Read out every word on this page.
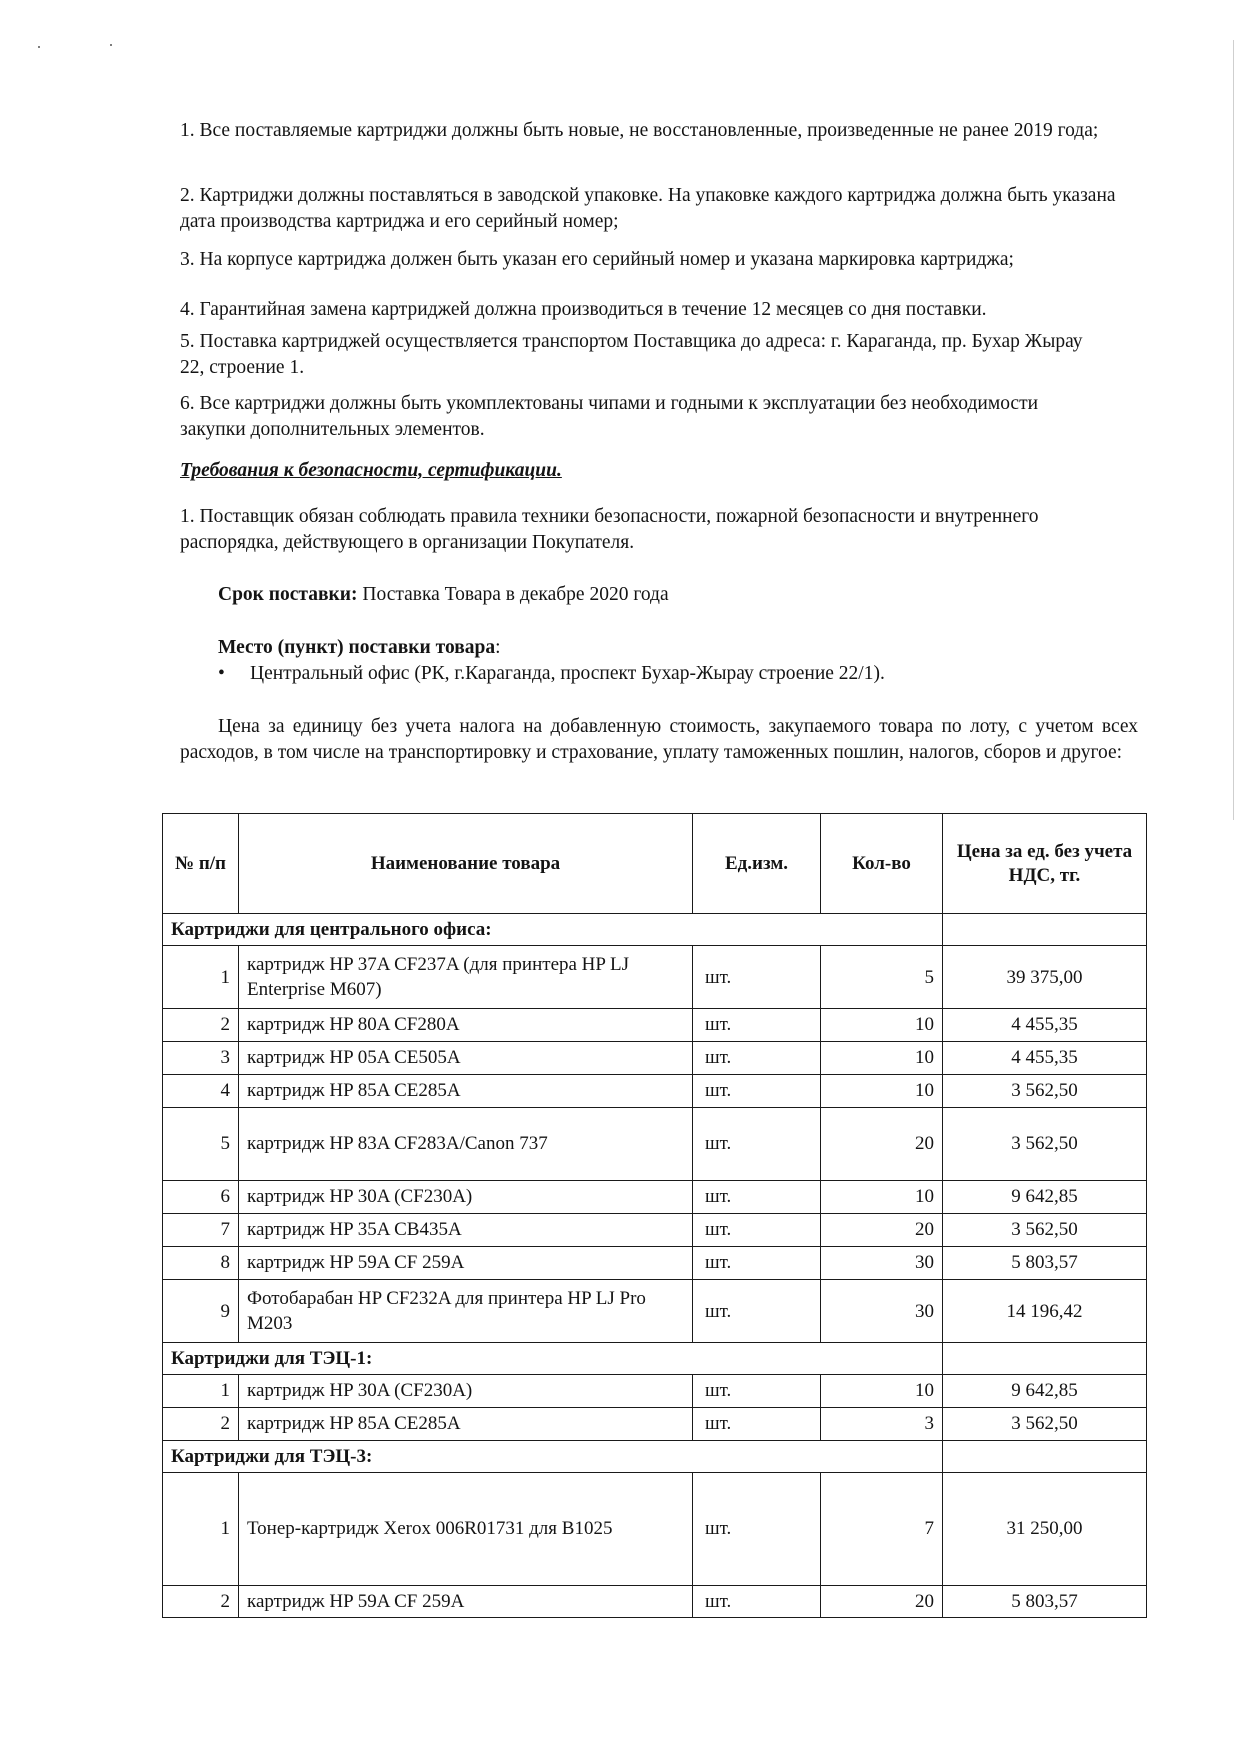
1. Все поставляемые картриджи должны быть новые, не восстановленные, произведенные не ранее 2019 года;

2. Картриджи должны поставляться в заводской упаковке. На упаковке каждого картриджа должна быть указана дата производства картриджа и его серийный номер;

3. На корпусе картриджа должен быть указан его серийный номер и указана маркировка картриджа;

4. Гарантийная замена картриджей должна производиться в течение 12 месяцев со дня поставки.

5. Поставка картриджей осуществляется транспортом Поставщика до адреса: г. Караганда, пр. Бухар Жырау 22, строение 1.

6. Все картриджи должны быть укомплектованы чипами и годными к эксплуатации без необходимости закупки дополнительных элементов.

Требования к безопасности, сертификации.

1. Поставщик обязан соблюдать правила техники безопасности, пожарной безопасности и внутреннего распорядка, действующего в организации Покупателя.

Срок поставки: Поставка Товара в декабре 2020 года
Место (пункт) поставки товара:
• Центральный офис (РК, г.Караганда, проспект Бухар-Жырау строение 22/1).

Цена за единицу без учета налога на добавленную стоимость, закупаемого товара по лоту, с учетом всех расходов, в том числе на транспортировку и страхование, уплату таможенных пошлин, налогов, сборов и другое:

№ п/п	Наименование товара	Ед.изм.	Кол-во	Цена за ед. без учета НДС, тг.
Картриджи для центрального офиса:				
1	картридж HP 37A CF237A (для принтера HP LJ Enterprise M607)	шт.	5	39 375,00
2	картридж HP 80A CF280A	шт.	10	4 455,35
3	картридж HP 05A CE505A	шт.	10	4 455,35
4	картридж HP 85A CE285A	шт.	10	3 562,50
5	картридж HP 83A CF283A/Canon 737	шт.	20	3 562,50
6	картридж HP 30A (CF230A)	шт.	10	9 642,85
7	картридж HP 35A CB435A	шт.	20	3 562,50
8	картридж HP 59A CF 259A	шт.	30	5 803,57
9	Фотобарабан HP CF232A для принтера HP LJ Pro M203	шт.	30	14 196,42
Картриджи для ТЭЦ-1:				
1	картридж HP 30A (CF230A)	шт.	10	9 642,85
2	картридж HP 85A CE285A	шт.	3	3 562,50
Картриджи для ТЭЦ-3:				
1	Тонер-картридж Xerox 006R01731 для B1025	шт.	7	31 250,00
2	картридж HP 59A CF 259A	шт.	20	5 803,57
